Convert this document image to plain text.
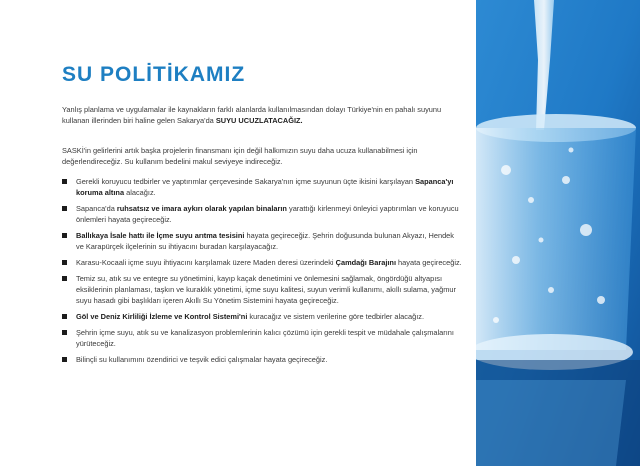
SU POLİTİKAMIZ

Yanlış planlama ve uygulamalar ile kaynakların farklı alanlarda kullanılmasından dolayı Türkiye'nin en pahalı suyunu kullanan illerinden biri haline gelen Sakarya'da SUYU UCUZLATACAĞIZ.

SASKİ'in gelirlerini artık başka projelerin finansmanı için değil halkımızın suyu daha ucuza kullanabilmesi için değerlendireceğiz. Su kullanım bedelini makul seviyeye indireceğiz.

Gerekli koruyucu tedbirler ve yaptırımlar çerçevesinde Sakarya'nın içme suyunun üçte ikisini karşılayan Sapanca'yı koruma altına alacağız.
Sapanca'da ruhsatsız ve imara aykırı olarak yapılan binaların yarattığı kirlenmeyi önleyici yaptırımları ve koruyucu önlemleri hayata geçireceğiz.
Ballıkaya İsale hattı ile İçme suyu arıtma tesisini hayata geçireceğiz. Şehrin doğusunda bulunan Akyazı, Hendek ve Karapürçek ilçelerinin su ihtiyacını buradan karşılayacağız.
Karasu-Kocaali içme suyu ihtiyacını karşılamak üzere Maden deresi üzerindeki Çamdağı Barajını hayata geçireceğiz.
Temiz su, atık su ve entegre su yönetimini, kayıp kaçak denetimini ve önlemesini sağlamak, öngördüğü altyapısı eksiklerinin planlaması, taşkın ve kuraklık yönetimi, içme suyu kalitesi, suyun verimli kullanımı, akıllı sulama, yağmur suyu hasadı gibi başlıkları içeren Akıllı Su Yönetim Sistemini hayata geçireceğiz.
Göl ve Deniz Kirliliği İzleme ve Kontrol Sistemi'ni kuracağız ve sistem verilerine göre tedbirler alacağız.
Şehrin içme suyu, atık su ve kanalizasyon problemlerinin kalıcı çözümü için gerekli tespit ve müdahale çalışmalarını yürüteceğiz.
Bilinçli su kullanımını özendirici ve teşvik edici çalışmalar hayata geçireceğiz.
